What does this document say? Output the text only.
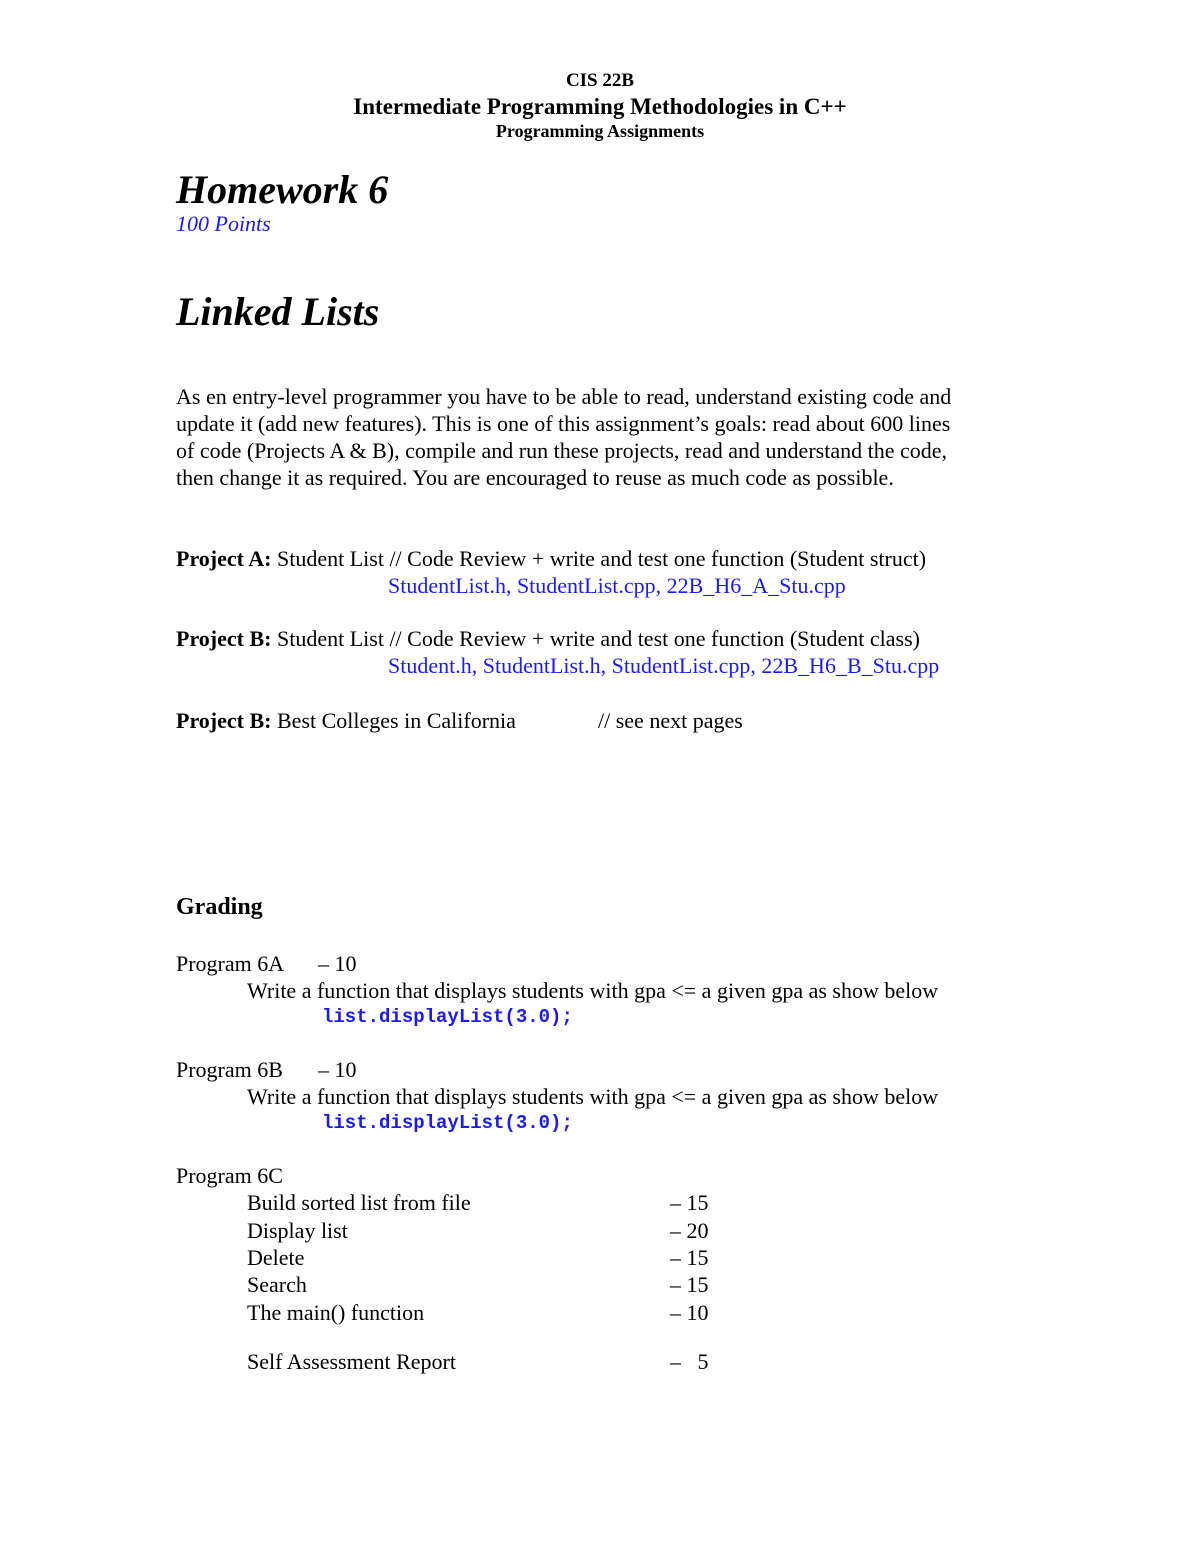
CIS 22B
Intermediate Programming Methodologies in C++
Programming Assignments
Homework 6
100 Points
Linked Lists
As en entry-level programmer you have to be able to read, understand existing code and
update it (add new features). This is one of this assignment’s goals: read about 600 lines
of code (Projects A & B), compile and run these projects, read and understand the code,
then change it as required. You are encouraged to reuse as much code as possible.
Project A: Student List // Code Review + write and test one function (Student struct)
StudentList.h, StudentList.cpp, 22B_H6_A_Stu.cpp
Project B: Student List // Code Review + write and test one function (Student class)
Student.h, StudentList.h, StudentList.cpp, 22B_H6_B_Stu.cpp
Project B: Best Colleges in California	// see next pages
Grading
Program 6A – 10
Write a function that displays students with gpa <= a given gpa as show below
list.displayList(3.0);
Program 6B – 10
Write a function that displays students with gpa <= a given gpa as show below
list.displayList(3.0);
Program 6C
Build sorted list from file	– 15
Display list	– 20
Delete	– 15
Search	– 15
The main() function	– 10
Self Assessment Report	–   5
